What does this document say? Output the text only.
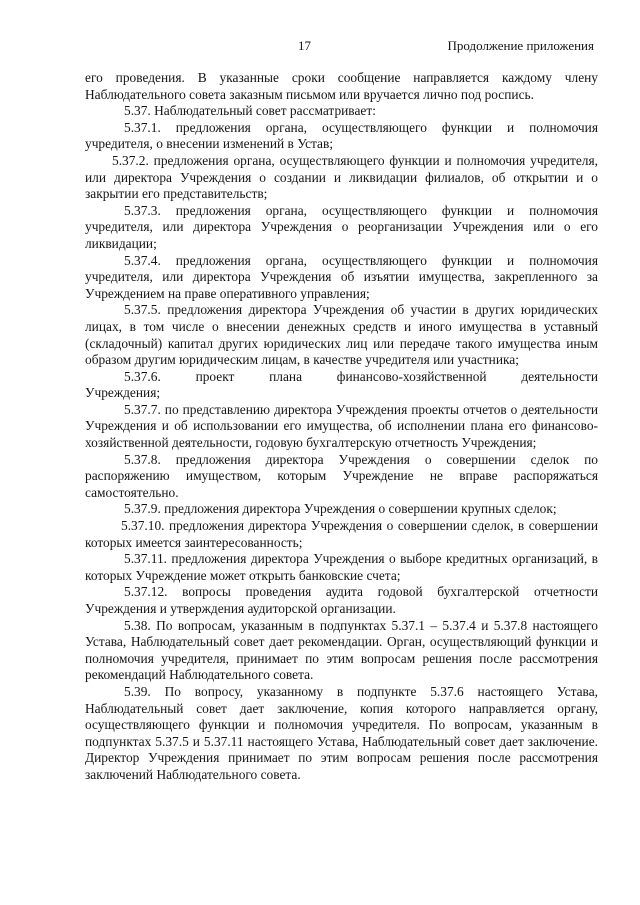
17	Продолжение приложения

его проведения. В указанные сроки сообщение направляется каждому члену Наблюдательного совета заказным письмом или вручается лично под роспись.

5.37. Наблюдательный совет рассматривает:

5.37.1. предложения органа, осуществляющего функции и полномочия учредителя, о внесении изменений в Устав;

5.37.2. предложения органа, осуществляющего функции и полномочия учредителя, или директора Учреждения о создании и ликвидации филиалов, об открытии и о закрытии его представительств;

5.37.3. предложения органа, осуществляющего функции и полномочия учредителя, или директора Учреждения о реорганизации Учреждения или о его ликвидации;

5.37.4. предложения органа, осуществляющего функции и полномочия учредителя, или директора Учреждения об изъятии имущества, закрепленного за Учреждением на праве оперативного управления;

5.37.5. предложения директора Учреждения об участии в других юридических лицах, в том числе о внесении денежных средств и иного имущества в уставный (складочный) капитал других юридических лиц или передаче такого имущества иным образом другим юридическим лицам, в качестве учредителя или участника;

5.37.6. проект плана финансово-хозяйственной деятельности

Учреждения;

5.37.7. по представлению директора Учреждения проекты отчетов о деятельности Учреждения и об использовании его имущества, об исполнении плана его финансово-хозяйственной деятельности, годовую бухгалтерскую отчетность Учреждения;

5.37.8. предложения директора Учреждения о совершении сделок по распоряжению имуществом, которым Учреждение не вправе распоряжаться самостоятельно.

5.37.9. предложения директора Учреждения о совершении крупных сделок;

5.37.10. предложения директора Учреждения о совершении сделок, в совершении которых имеется заинтересованность;

5.37.11. предложения директора Учреждения о выборе кредитных организаций, в которых Учреждение может открыть банковские счета;

5.37.12. вопросы проведения аудита годовой бухгалтерской отчетности Учреждения и утверждения аудиторской организации.

5.38. По вопросам, указанным в подпунктах 5.37.1 – 5.37.4 и 5.37.8 настоящего Устава, Наблюдательный совет дает рекомендации. Орган, осуществляющий функции и полномочия учредителя, принимает по этим вопросам решения после рассмотрения рекомендаций Наблюдательного совета.

5.39. По вопросу, указанному в подпункте 5.37.6 настоящего Устава, Наблюдательный совет дает заключение, копия которого направляется органу, осуществляющего функции и полномочия учредителя. По вопросам, указанным в подпунктах 5.37.5 и 5.37.11 настоящего Устава, Наблюдательный совет дает заключение. Директор Учреждения принимает по этим вопросам решения после рассмотрения заключений Наблюдательного совета.
